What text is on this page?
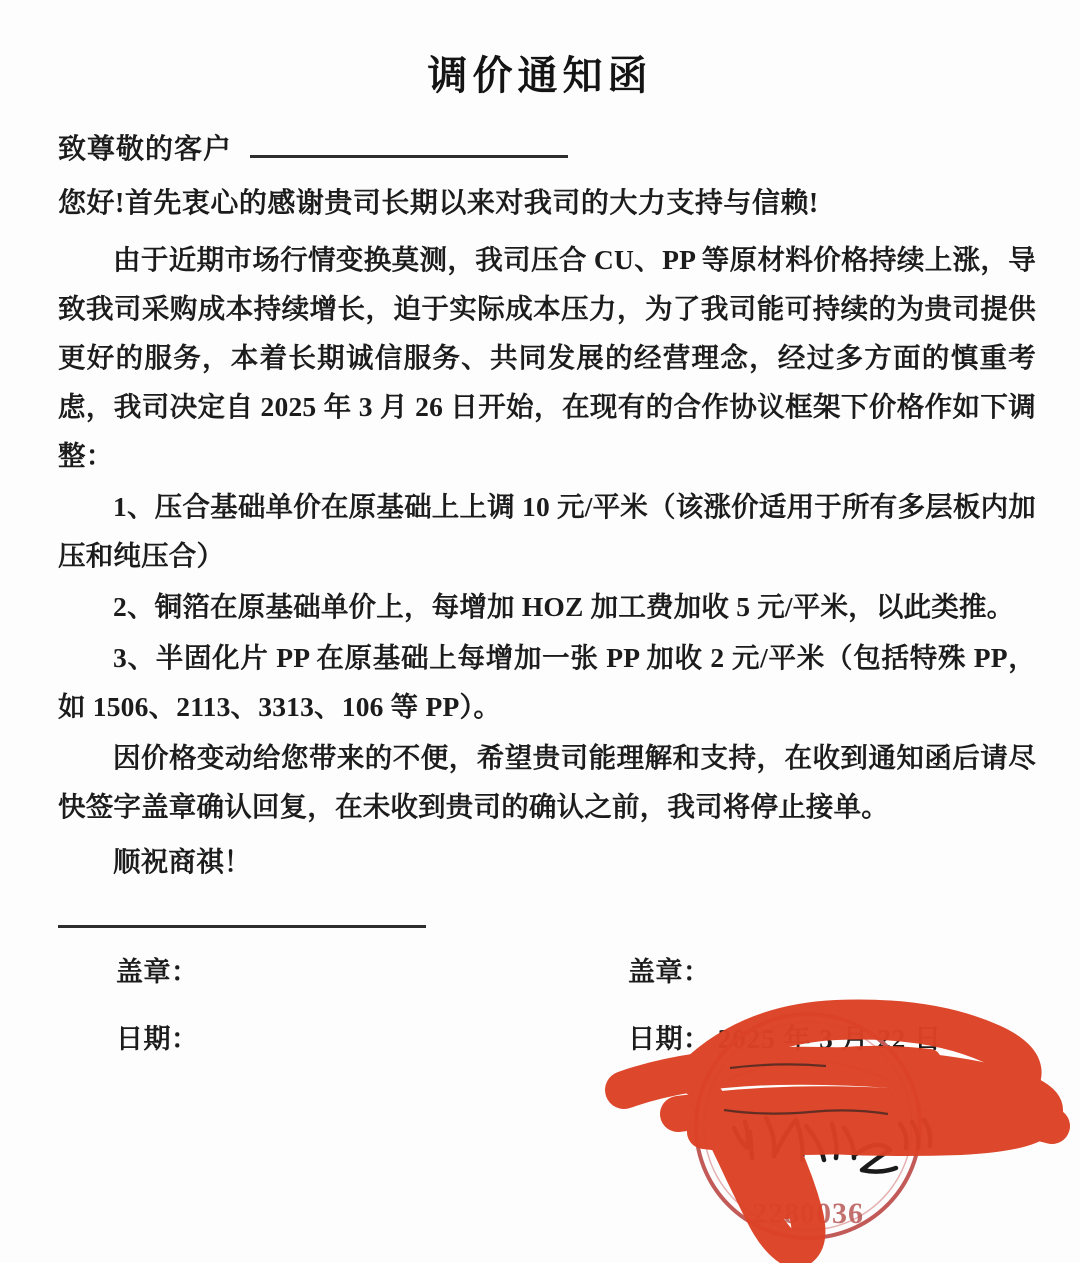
调价通知函
致尊敬的客户

您好!首先衷心的感谢贵司长期以来对我司的大力支持与信赖!

由于近期市场行情变换莫测，我司压合 CU、PP 等原材料价格持续上涨，导致我司采购成本持续增长，迫于实际成本压力，为了我司能可持续的为贵司提供更好的服务，本着长期诚信服务、共同发展的经营理念，经过多方面的慎重考虑，我司决定自 2025 年 3 月 26 日开始，在现有的合作协议框架下价格作如下调整：

1、压合基础单价在原基础上上调 10 元/平米（该涨价适用于所有多层板内加压和纯压合）

2、铜箔在原基础单价上，每增加 HOZ 加工费加收 5 元/平米，以此类推。

3、半固化片 PP 在原基础上每增加一张 PP 加收 2 元/平米（包括特殊 PP，如 1506、2113、3313、106 等 PP）。

因价格变动给您带来的不便，希望贵司能理解和支持，在收到通知函后请尽快签字盖章确认回复，在未收到贵司的确认之前，我司将停止接单。

顺祝商祺！

盖章：
日期：
盖章：
日期： 2025 年 3 月 22 日
2280036
